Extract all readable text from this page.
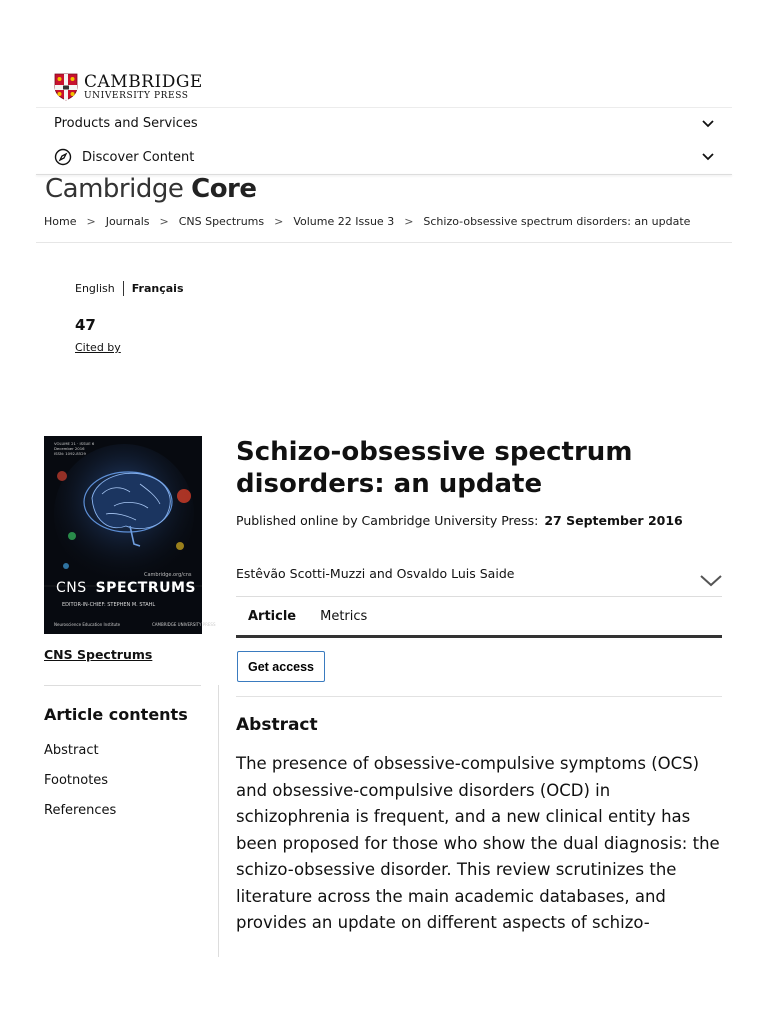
CAMBRIDGE
UNIVERSITY PRESS
Products and Services
Discover Content
Cambridge Core
Home > Journals > CNS Spectrums > Volume 22 Issue 3 > Schizo-obsessive spectrum disorders: an update
English Français
47
Cited by
Cambridge.org/cns
CNS SPECTRUMS
EDITOR-IN-CHIEF: STEPHEN M. STAHL
Neuroscience Education Institute	CAMBRIDGE UNIVERSITY PRESS
VOLUME 21 · ISSUE 6
December 2016
ISSN: 1092-8529
CNS Spectrums
Article contents
Abstract
Footnotes
References
Schizo-obsessive spectrum disorders: an update
Published online by Cambridge University Press: 27 September 2016
Estêvão Scotti-Muzzi and Osvaldo Luis Saide
Article	Metrics
Get access
Abstract

The presence of obsessive-compulsive symptoms (OCS) and obsessive-compulsive disorders (OCD) in schizophrenia is frequent, and a new clinical entity has been proposed for those who show the dual diagnosis: the schizo-obsessive disorder. This review scrutinizes the literature across the main academic databases, and provides an update on different aspects of schizo-
